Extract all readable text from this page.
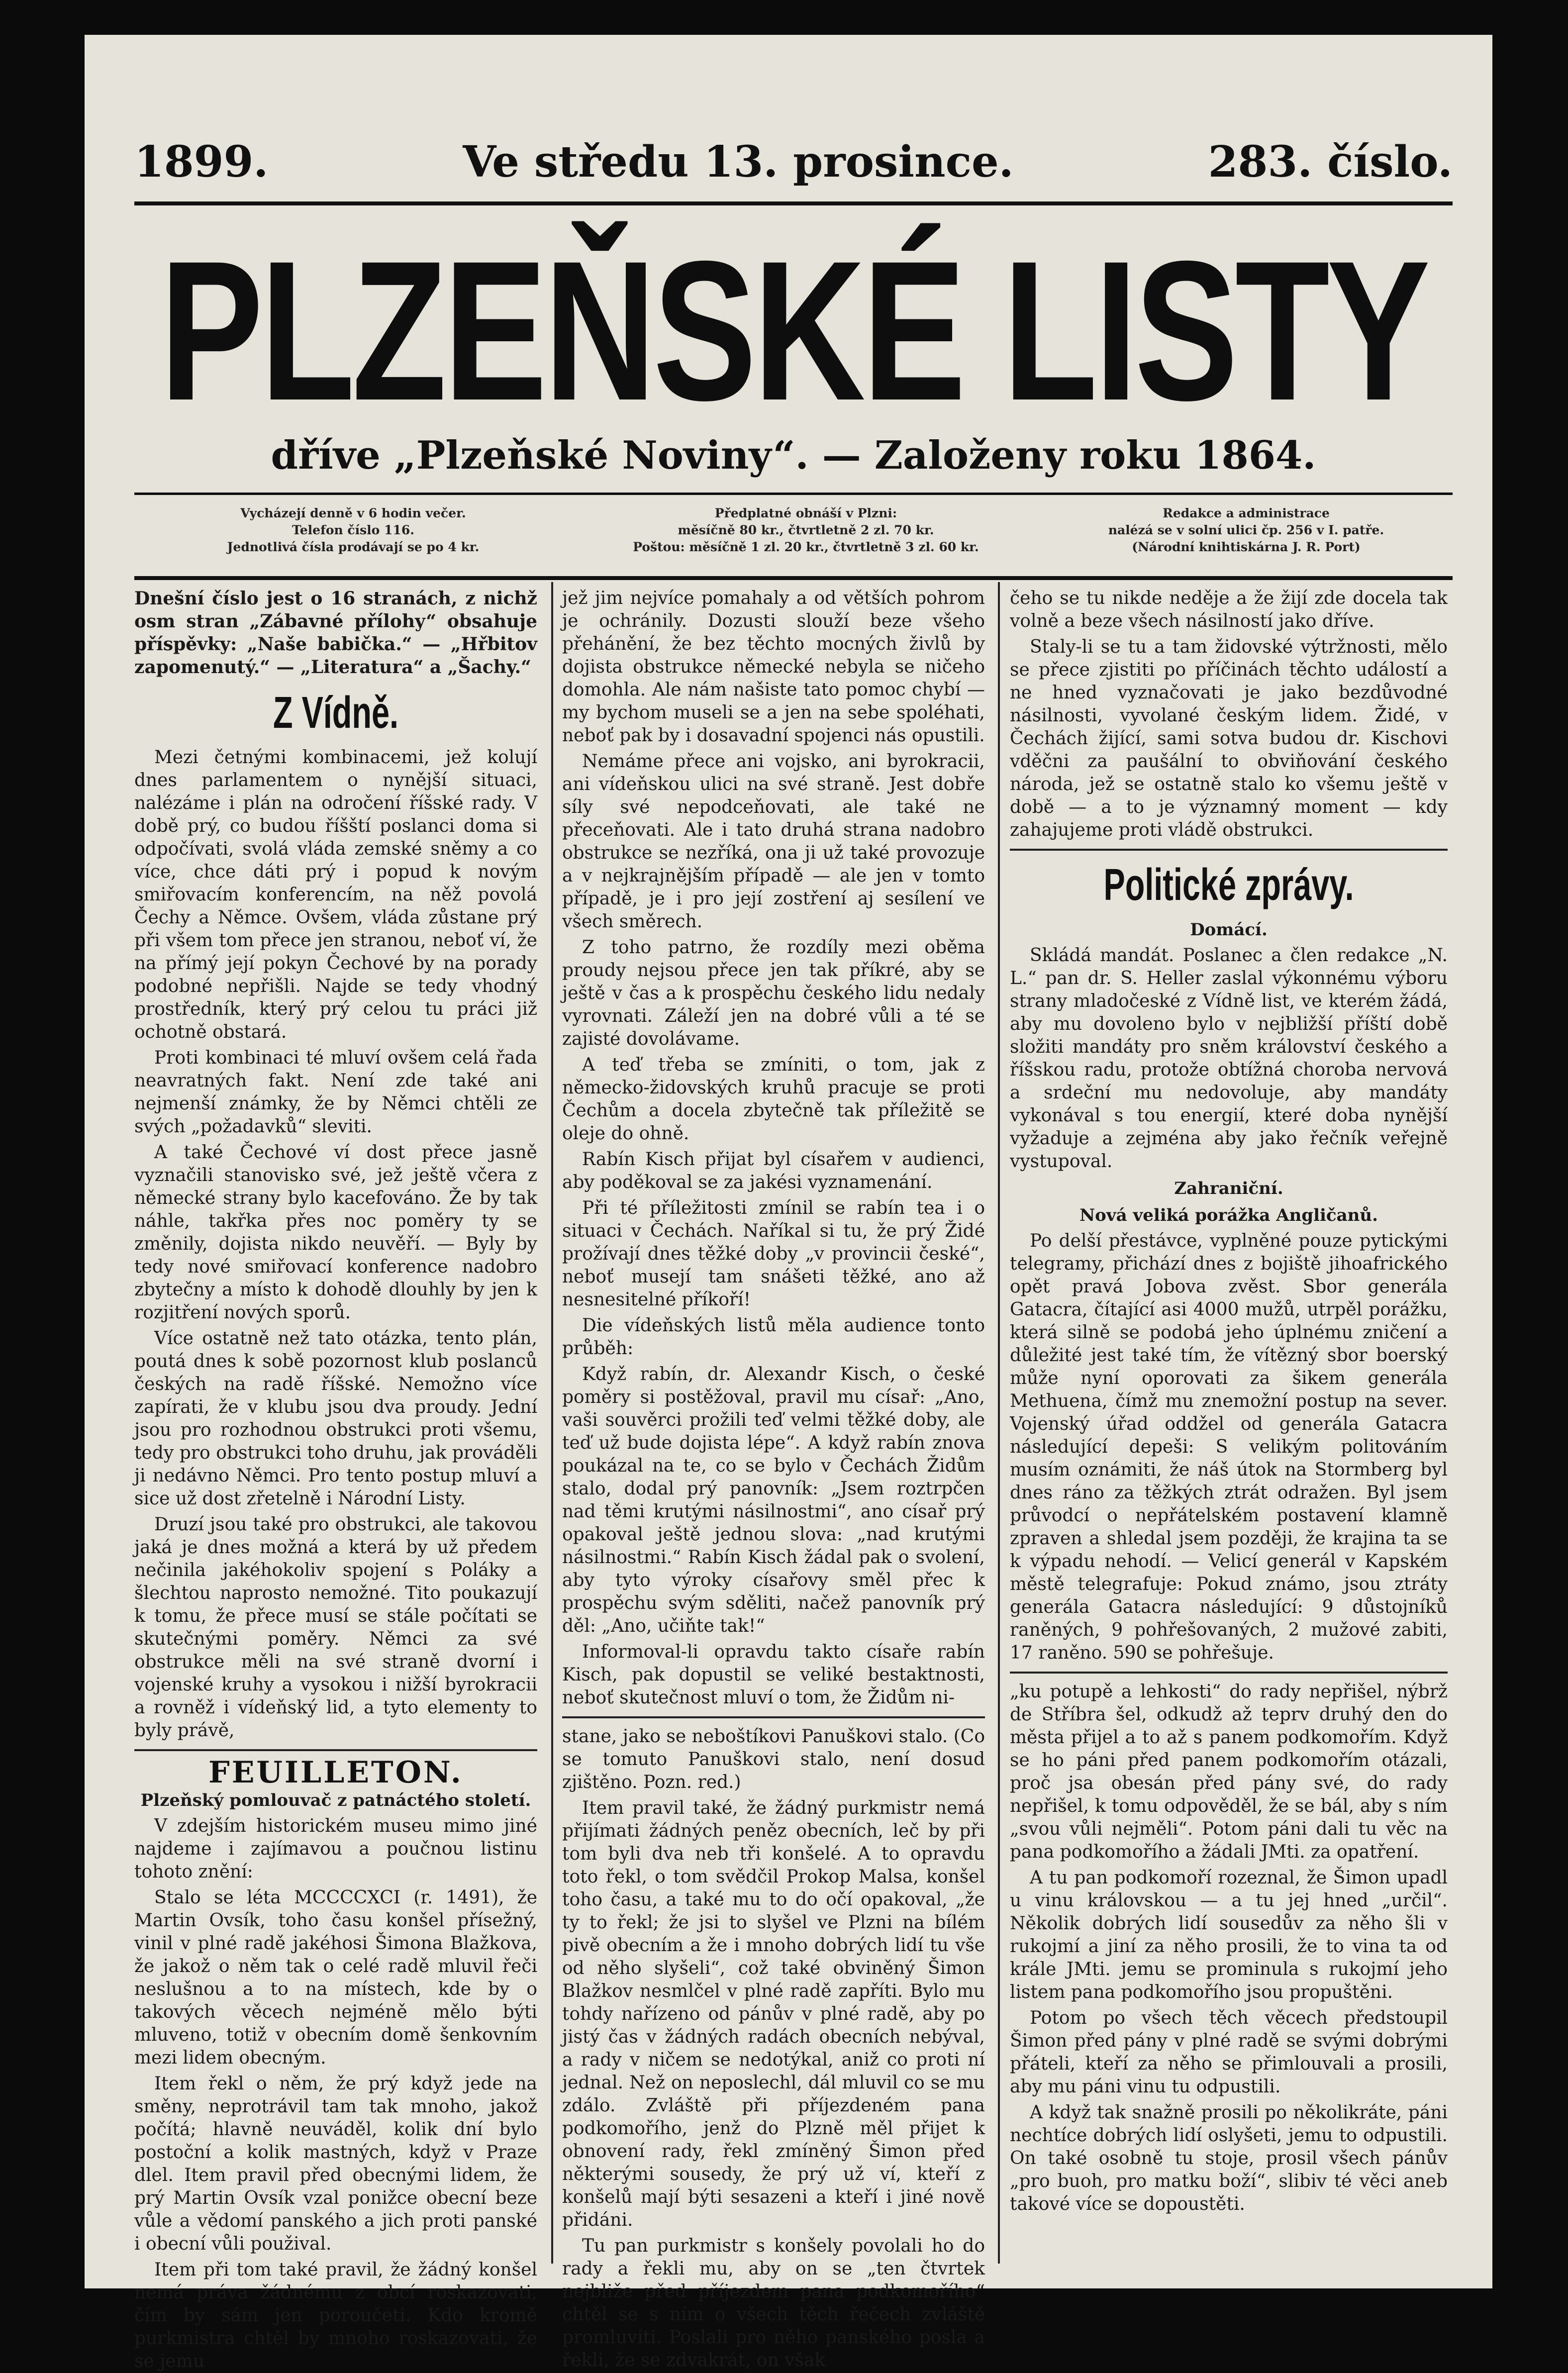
1899.	Ve středu 13. prosince.	283. číslo.
PLZEŇSKÉ LISTY
dříve „Plzeňské Noviny“. — Založeny roku 1864.
Vycházejí denně v 6 hodin večer.
Telefon číslo 116.
Jednotlivá čísla prodávají se po 4 kr.
Předplatné obnáší v Plzni:
měsíčně 80 kr., čtvrtletně 2 zl. 70 kr.
Poštou: měsíčně 1 zl. 20 kr., čtvrtletně 3 zl. 60 kr.
Redakce a administrace
nalézá se v solní ulici čp. 256 v I. patře.
(Národní knihtiskárna J. R. Port)

Dnešní číslo jest o 16 stranách, z nichž osm stran „Zábavné přílohy“ obsahuje příspěvky: „Naše babička.“ — „Hřbitov zapomenutý.“ — „Literatura“ a „Šachy.“

Z Vídně.

Mezi četnými kombinacemi, jež kolují dnes parlamentem o nynější situaci, nalézáme i plán na odročení říšské rady. V době prý, co budou říšští poslanci doma si odpočívati, svolá vláda zemské sněmy a co více, chce dáti prý i popud k novým smiřovacím konferencím, na něž povolá Čechy a Němce. Ovšem, vláda zůstane prý při všem tom přece jen stranou, neboť ví, že na přímý její pokyn Čechové by na porady podobné nepřišli. Najde se tedy vhodný prostředník, který prý celou tu práci již ochotně obstará.

Proti kombinaci té mluví ovšem celá řada neavratných fakt. Není zde také ani nejmenší známky, že by Němci chtěli ze svých „požadavků“ sleviti.

A také Čechové ví dost přece jasně vyznačili stanovisko své, jež ještě včera z německé strany bylo kacefováno. Že by tak náhle, takřka přes noc poměry ty se změnily, dojista nikdo neuvěří. — Byly by tedy nové smiřovací konference nadobro zbytečny a místo k dohodě dlouhly by jen k rozjitření nových sporů.

Více ostatně než tato otázka, tento plán, poutá dnes k sobě pozornost klub poslanců českých na radě říšské. Nemožno více zapírati, že v klubu jsou dva proudy. Jední jsou pro rozhodnou obstrukci proti všemu, tedy pro obstrukci toho druhu, jak prováděli ji nedávno Němci. Pro tento postup mluví a sice už dost zřetelně i Národní Listy.

Druzí jsou také pro obstrukci, ale takovou jaká je dnes možná a která by už předem nečinila jakéhokoliv spojení s Poláky a šlechtou naprosto nemožné. Tito poukazují k tomu, že přece musí se stále počítati se skutečnými poměry. Němci za své obstrukce měli na své straně dvorní i vojenské kruhy a vysokou i nižší byrokracii a rovněž i vídeňský lid, a tyto elementy to byly právě,

FEUILLETON.
Plzeňský pomlouvač z patnáctého století.

V zdejším historickém museu mimo jiné najdeme i zajímavou a poučnou listinu tohoto znění:

Stalo se léta MCCCCXCI (r. 1491), že Martin Ovsík, toho času konšel přísežný, vinil v plné radě jakéhosi Šimona Blažkova, že jakož o něm tak o celé radě mluvil řeči neslušnou a to na místech, kde by o takových věcech nejméně mělo býti mluveno, totiž v obecním domě šenkovním mezi lidem obecným.

Item řekl o něm, že prý když jede na směny, neprotrávil tam tak mnoho, jakož počítá; hlavně neuváděl, kolik dní bylo postoční a kolik mastných, když v Praze dlel. Item pravil před obecnými lidem, že prý Martin Ovsík vzal ponižce obecní beze vůle a vědomí panského a jich proti panské i obecní vůli použival.

Item při tom také pravil, že žádný konšel nemá práva žádnému z obcí roskazovati, čím by sám jen poroučeti. Kdo kromě purkmistra chtěl by mnoho roskazovati, že se jemu

jež jim nejvíce pomahaly a od větších pohrom je ochránily. Dozusti slouží beze všeho přehánění, že bez těchto mocných živlů by dojista obstrukce německé nebyla se ničeho domohla. Ale nám našiste tato pomoc chybí — my bychom museli se a jen na sebe spoléhati, neboť pak by i dosavadní spojenci nás opustili.

Nemáme přece ani vojsko, ani byrokracii, ani vídeňskou ulici na své straně. Jest dobře síly své nepodceňovati, ale také ne přeceňovati. Ale i tato druhá strana nadobro obstrukce se nezříká, ona ji už také provozuje a v nejkrajnějším případě — ale jen v tomto případě, je i pro její zostření aj sesílení ve všech směrech.

Z toho patrno, že rozdíly mezi oběma proudy nejsou přece jen tak příkré, aby se ještě v čas a k prospěchu českého lidu nedaly vyrovnati. Záleží jen na dobré vůli a té se zajisté dovolávame.

A teď třeba se zmíniti, o tom, jak z německo-židovských kruhů pracuje se proti Čechům a docela zbytečně tak příležitě se oleje do ohně.

Rabín Kisch přijat byl císařem v audienci, aby poděkoval se za jakési vyznamenání.

Při té příležitosti zmínil se rabín tea i o situaci v Čechách. Naříkal si tu, že prý Židé prožívají dnes těžké doby „v provincii české“, neboť musejí tam snášeti těžké, ano až nesnesitelné příkoří!

Die vídeňských listů měla audience tonto průběh:

Když rabín, dr. Alexandr Kisch, o české poměry si postěžoval, pravil mu císař: „Ano, vaši souvěrci prožili teď velmi těžké doby, ale teď už bude dojista lépe“. A když rabín znova poukázal na te, co se bylo v Čechách Židům stalo, dodal prý panovník: „Jsem roztrpčen nad těmi krutými násilnostmi“, ano císař prý opakoval ještě jednou slova: „nad krutými násilnostmi.“ Rabín Kisch žádal pak o svolení, aby tyto výroky císařovy směl přec k prospěchu svým sděliti, načež panovník prý děl: „Ano, učiňte tak!“

Informoval-li opravdu takto císaře rabín Kisch, pak dopustil se veliké bestaktnosti, neboť skutečnost mluví o tom, že Židům ni-

stane, jako se neboštíkovi Panuškovi stalo. (Co se tomuto Panuškovi stalo, není dosud zjištěno. Pozn. red.)

Item pravil také, že žádný purkmistr nemá přijímati žádných peněz obecních, leč by při tom byli dva neb tři konšelé. A to opravdu toto řekl, o tom svědčil Prokop Malsa, konšel toho času, a také mu to do očí opakoval, „že ty to řekl; že jsi to slyšel ve Plzni na bílém pivě obecním a že i mnoho dobrých lidí tu vše od něho slyšeli“, což také obviněný Šimon Blažkov nesmlčel v plné radě zapříti. Bylo mu tohdy nařízeno od pánův v plné radě, aby po jistý čas v žádných radách obecních nebýval, a rady v ničem se nedotýkal, aniž co proti ní jednal. Než on neposlechl, dál mluvil co se mu zdálo. Zvláště při příjezdeném pana podkomořího, jenž do Plzně měl přijet k obnovení rady, řekl zmíněný Šimon před některými sousedy, že prý už ví, kteří z konšelů mají býti sesazeni a kteří i jiné nově přidáni.

Tu pan purkmistr s konšely povolali ho do rady a řekli mu, aby on se „ten čtvrtek nejbliže před příjezdem pana podkomořího“ chtěl se s ním o všech těch řečech zvláště promluviti. Poslali pro něho panského posla a řekli, že se zdvakrát, on však

čeho se tu nikde neděje a že žijí zde docela tak volně a beze všech násilností jako dříve.

Staly-li se tu a tam židovské výtržnosti, mělo se přece zjistiti po příčinách těchto událostí a ne hned vyznačovati je jako bezdůvodné násilnosti, vyvolané českým lidem. Židé, v Čechách žijící, sami sotva budou dr. Kischovi vděčni za paušální to obviňování českého národa, jež se ostatně stalo ko všemu ještě v době — a to je významný moment — kdy zahajujeme proti vládě obstrukci.

Politické zprávy.
Domácí.

Skládá mandát. Poslanec a člen redakce „N. L.“ pan dr. S. Heller zaslal výkonnému výboru strany mladočeské z Vídně list, ve kterém žádá, aby mu dovoleno bylo v nejbližší příští době složiti mandáty pro sněm království českého a říšskou radu, protože obtížná choroba nervová a srdeční mu nedovoluje, aby mandáty vykonával s tou energií, které doba nynější vyžaduje a zejména aby jako řečník veřejně vystupoval.

Zahraniční.
Nová veliká porážka Angličanů.

Po delší přestávce, vyplněné pouze pytickými telegramy, přichází dnes z bojiště jihoafrického opět pravá Jobova zvěst. Sbor generála Gatacra, čítající asi 4000 mužů, utrpěl porážku, která silně se podobá jeho úplnému zničení a důležité jest také tím, že vítězný sbor boerský může nyní oporovati za šikem generála Methuena, čímž mu znemožní postup na sever. Vojenský úřad oddžel od generála Gatacra následující depeši: S velikým politováním musím oznámiti, že náš útok na Stormberg byl dnes ráno za těžkých ztrát odražen. Byl jsem průvodcí o nepřátelském postavení klamně zpraven a shledal jsem později, že krajina ta se k výpadu nehodí. — Velicí generál v Kapském městě telegrafuje: Pokud známo, jsou ztráty generála Gatacra následující: 9 důstojníků raněných, 9 pohřešovaných, 2 mužové zabiti, 17 raněno. 590 se pohřešuje.

„ku potupě a lehkosti“ do rady nepřišel, nýbrž de Stříbra šel, odkudž až teprv druhý den do města přijel a to až s panem podkomořím. Když se ho páni před panem podkomořím otázali, proč jsa obesán před pány své, do rady nepřišel, k tomu odpověděl, že se bál, aby s ním „svou vůli nejměli“. Potom páni dali tu věc na pana podkomořího a žádali JMti. za opatření.

A tu pan podkomoří rozeznal, že Šimon upadl u vinu královskou — a tu jej hned „určil“. Několik dobrých lidí sousedův za něho šli v rukojmí a jiní za něho prosili, že to vina ta od krále JMti. jemu se prominula s rukojmí jeho listem pana podkomořího jsou propuštěni.

Potom po všech těch věcech předstoupil Šimon před pány v plné radě se svými dobrými přáteli, kteří za něho se přimlouvali a prosili, aby mu páni vinu tu odpustili.

A když tak snažně prosili po několikráte, páni nechtíce dobrých lidí oslyšeti, jemu to odpustili. On také osobně tu stoje, prosil všech pánův „pro buoh, pro matku boží“, slibiv té věci aneb takové více se dopoustěti.
